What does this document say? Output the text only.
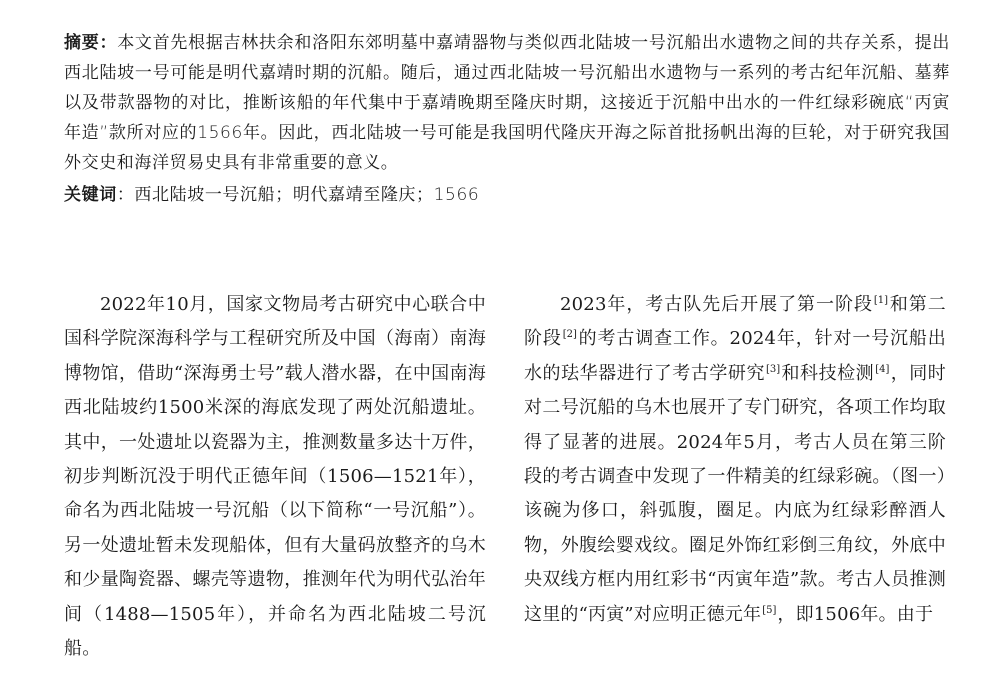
摘要：本文首先根据吉林扶余和洛阳东郊明墓中嘉靖器物与类似西北陆坡一号沉船出水遗物之间的共存关系，提出西北陆坡一号可能是明代嘉靖时期的沉船。随后，通过西北陆坡一号沉船出水遗物与一系列的考古纪年沉船、墓葬以及带款器物的对比，推断该船的年代集中于嘉靖晚期至隆庆时期，这接近于沉船中出水的一件红绿彩碗底“丙寅年造”款所对应的1566年。因此，西北陆坡一号可能是我国明代隆庆开海之际首批扬帆出海的巨轮，对于研究我国外交史和海洋贸易史具有非常重要的意义。
关键词：西北陆坡一号沉船；明代嘉靖至隆庆；1566

2022年10月，国家文物局考古研究中心联合中国科学院深海科学与工程研究所及中国（海南）南海博物馆，借助“深海勇士号”载人潜水器，在中国南海西北陆坡约1500米深的海底发现了两处沉船遗址。其中，一处遗址以瓷器为主，推测数量多达十万件，初步判断沉没于明代正德年间（1506—1521年），命名为西北陆坡一号沉船（以下简称“一号沉船”）。另一处遗址暂未发现船体，但有大量码放整齐的乌木和少量陶瓷器、螺壳等遗物，推测年代为明代弘治年间（1488—1505年），并命名为西北陆坡二号沉船。

2023年，考古队先后开展了第一阶段[1]和第二阶段[2]的考古调查工作。2024年，针对一号沉船出水的珐华器进行了考古学研究[3]和科技检测[4]，同时对二号沉船的乌木也展开了专门研究，各项工作均取得了显著的进展。2024年5月，考古人员在第三阶段的考古调查中发现了一件精美的红绿彩碗。（图一）该碗为侈口，斜弧腹，圈足。内底为红绿彩醉酒人物，外腹绘婴戏纹。圈足外饰红彩倒三角纹，外底中央双线方框内用红彩书“丙寅年造”款。考古人员推测这里的“丙寅”对应明正德元年[5]，即1506年。由于
